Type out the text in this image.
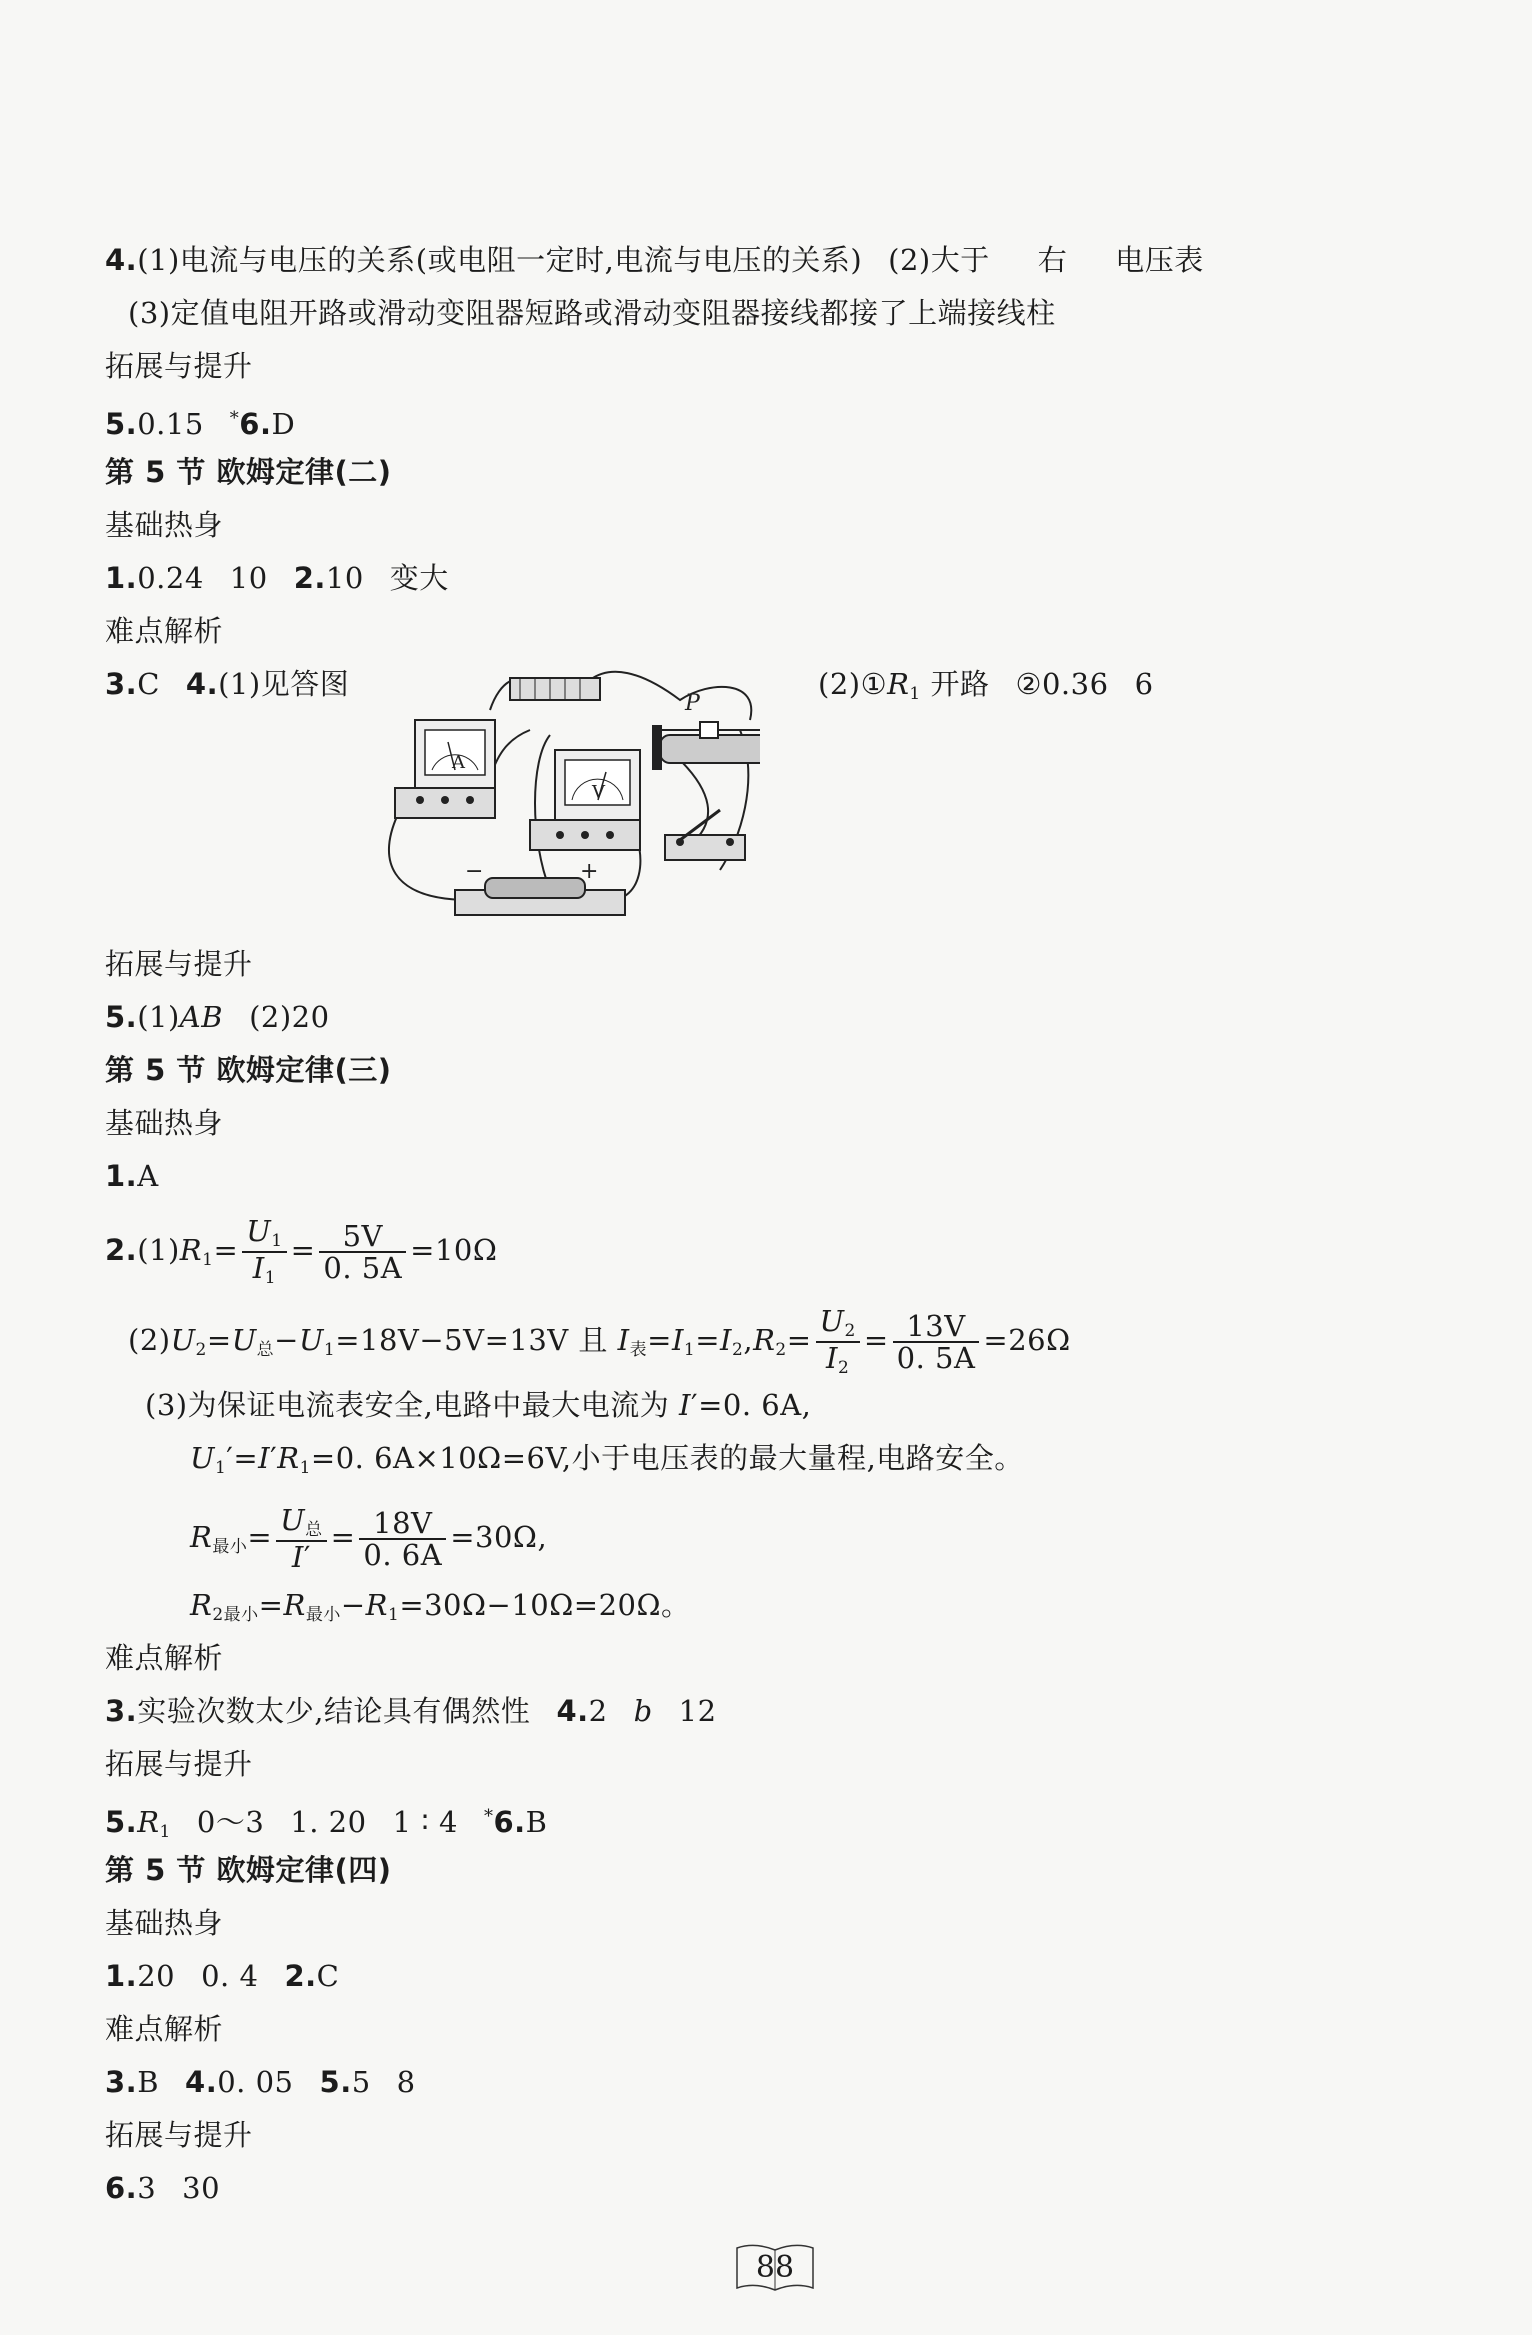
4.(1)电流与电压的关系(或电阻一定时,电流与电压的关系) (2)大于 右 电压表
(3)定值电阻开路或滑动变阻器短路或滑动变阻器接线都接了上端接线柱
拓展与提升
5.0.15 *6.D
第 5 节 欧姆定律(二)
基础热身
1.0.24 10 2.10 变大
难点解析
3.C 4.(1)见答图	$(2)①R_1$ 开路 ②0.36 6
A
V
P
−	+
拓展与提升
5.(1)AB (2)20
第 5 节 欧姆定律(三)
基础热身
1.A
$2.(1)R_1= \frac{U_1}{I_1} = \frac{5V}{0. 5A} =10\Omega$
$(2)U_2=U_总-U_1=18V-5V=13V$ 且 $I_表=I_1=I_2,R_2= \frac{U_2}{I_2} = \frac{13V}{0. 5A} =26\Omega$
(3)为保证电流表安全,电路中最大电流为 I′=0. 6A,
$U_1'=I'R_1=0$. 6A×10Ω=6V,小于电压表的最大量程,电路安全。
$R_{最小}= \frac{U_总}{I'} = \frac{18V}{0. 6A} =30\Omega$,
$R_{2最小}=R_{最小}-R_1=30\Omega-10\Omega=20\Omega$。
难点解析
3.实验次数太少,结论具有偶然性 4.2 b 12
拓展与提升
$5.R_1$ 0～3 1. 20 1 ∶ 4 *6.B
第 5 节 欧姆定律(四)
基础热身
1.20 0. 4 2.C
难点解析
3.B 4.0. 05 5.5 8
拓展与提升
6.3 30
88
